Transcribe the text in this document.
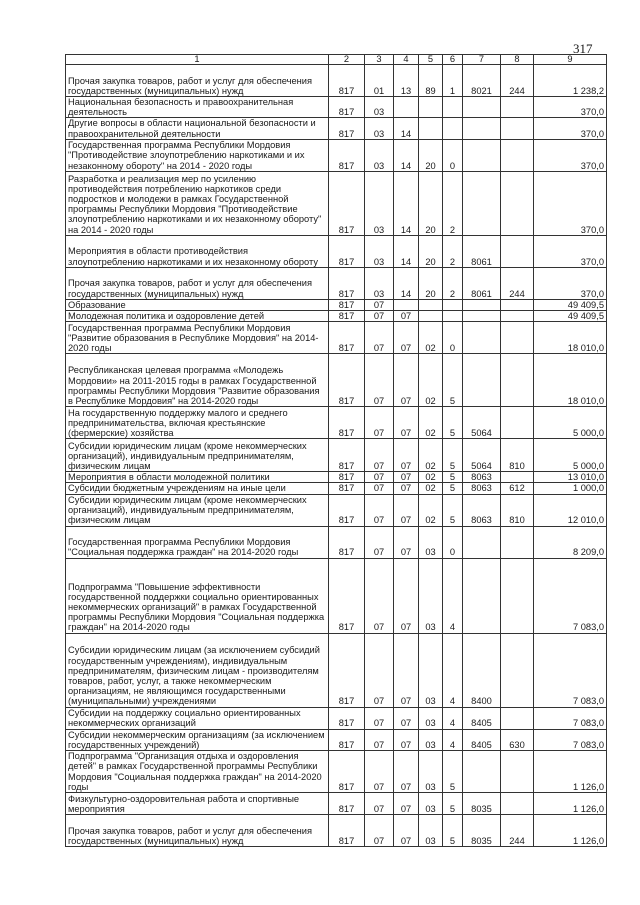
317
1	2	3	4	5	6	7	8	9
Прочая закупка товаров, работ и услуг для обеспечения государственных (муниципальных) нужд	817	01	13	89	1	8021	244	1 238,2
Национальная безопасность и правоохранительная деятельность	817	03						370,0
Другие вопросы в области национальной безопасности и правоохранительной деятельности	817	03	14					370,0
Государственная программа Республики Мордовия "Противодействие злоупотреблению наркотиками и их незаконному обороту" на 2014 - 2020 годы	817	03	14	20	0			370,0
Разработка и реализация мер по усилению противодействия потреблению наркотиков среди подростков и молодежи в рамках Государственной программы Республики Мордовия "Противодействие злоупотреблению наркотиками и их незаконному обороту" на 2014 - 2020 годы	817	03	14	20	2			370,0
Мероприятия в области противодействия злоупотреблению наркотиками и их незаконному обороту	817	03	14	20	2	8061		370,0
Прочая закупка товаров, работ и услуг для обеспечения государственных (муниципальных) нужд	817	03	14	20	2	8061	244	370,0
Образование	817	07						49 409,5
Молодежная политика и оздоровление детей	817	07	07					49 409,5
Государственная программа Республики Мордовия "Развитие образования в Республике Мордовия" на 2014-2020 годы	817	07	07	02	0			18 010,0
Республиканская целевая программа «Молодежь Мордовии» на 2011-2015 годы в рамках Государственной программы Республики Мордовия "Развитие образования в Республике Мордовия" на 2014-2020 годы	817	07	07	02	5			18 010,0
На государственную поддержку малого и среднего предпринимательства, включая крестьянские (фермерские) хозяйства	817	07	07	02	5	5064		5 000,0
Субсидии юридическим лицам (кроме некоммерческих организаций), индивидуальным предпринимателям, физическим лицам	817	07	07	02	5	5064	810	5 000,0
Мероприятия в области молодежной политики	817	07	07	02	5	8063		13 010,0
Субсидии бюджетным учреждениям на иные цели	817	07	07	02	5	8063	612	1 000,0
Субсидии юридическим лицам (кроме некоммерческих организаций), индивидуальным предпринимателям, физическим лицам	817	07	07	02	5	8063	810	12 010,0
Государственная программа Республики Мордовия "Социальная поддержка граждан" на 2014-2020 годы	817	07	07	03	0			8 209,0
Подпрограмма "Повышение эффективности государственной поддержки социально ориентированных некоммерческих организаций" в рамках Государственной программы Республики Мордовия "Социальная поддержка граждан" на 2014-2020 годы	817	07	07	03	4			7 083,0
Субсидии юридическим лицам (за исключением субсидий государственным учреждениям), индивидуальным предпринимателям, физическим лицам - производителям товаров, работ, услуг, а также некоммерческим организациям, не являющимся государственными (муниципальными) учреждениями	817	07	07	03	4	8400		7 083,0
Субсидии на поддержку социально ориентированных некоммерческих организаций	817	07	07	03	4	8405		7 083,0
Субсидии некоммерческим организациям (за исключением государственных учреждений)	817	07	07	03	4	8405	630	7 083,0
Подпрограмма "Организация отдыха и оздоровления детей" в рамках Государственной программы Республики Мордовия "Социальная поддержка граждан" на 2014-2020 годы	817	07	07	03	5			1 126,0
Физкультурно-оздоровительная работа и спортивные мероприятия	817	07	07	03	5	8035		1 126,0
Прочая закупка товаров, работ и услуг для обеспечения государственных (муниципальных) нужд	817	07	07	03	5	8035	244	1 126,0
